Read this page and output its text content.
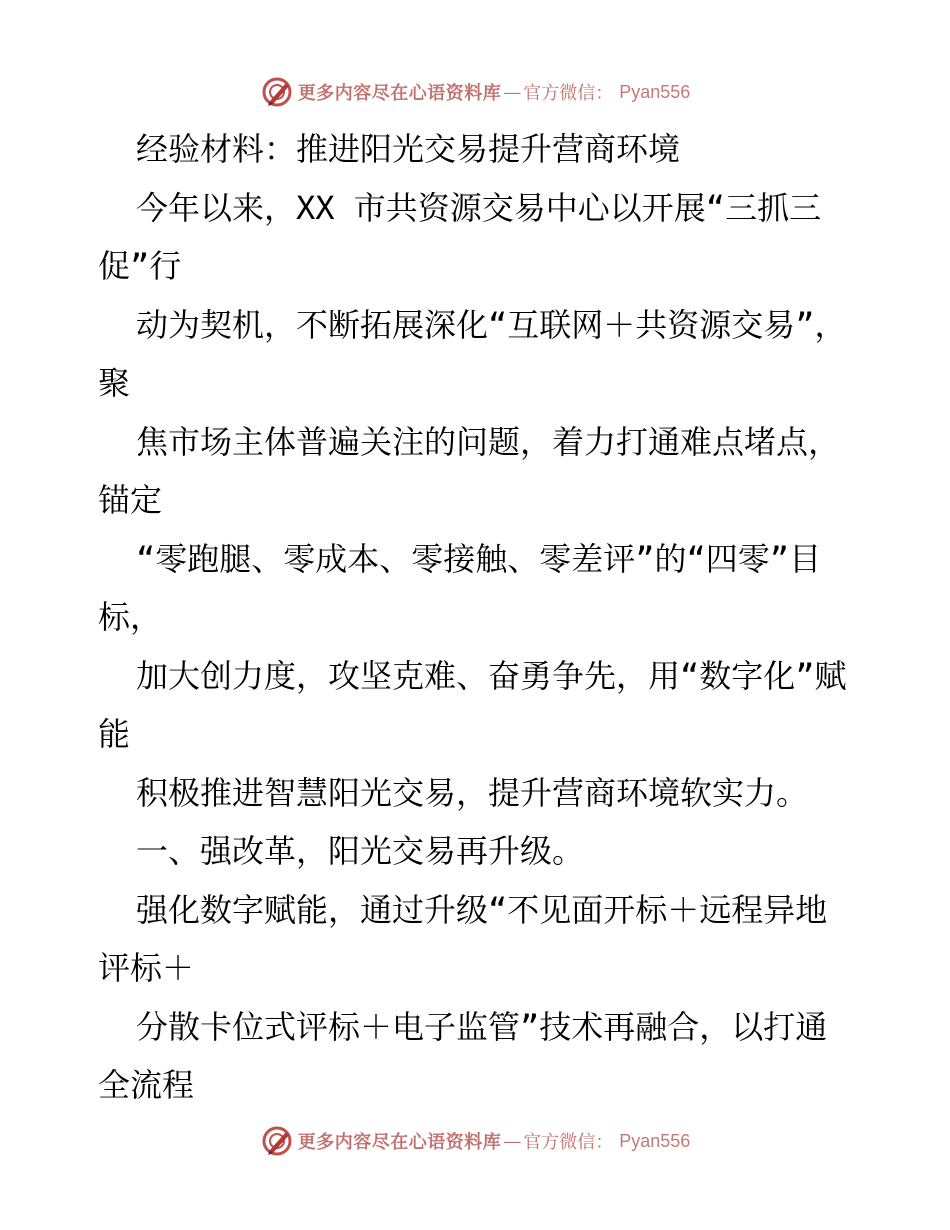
更多内容尽在心语资料库 — 官方微信 ： Pyan556

经验材料：推进阳光交易提升营商环境

今年以来，XX 市共资源交易中心以开展“三抓三促”行

动为契机，不断拓展深化“互联网＋共资源交易”，聚

焦市场主体普遍关注的问题，着力打通难点堵点，锚定

“零跑腿、零成本、零接触、零差评”的“四零”目标，

加大创力度，攻坚克难、奋勇争先，用“数字化”赋能

积极推进智慧阳光交易，提升营商环境软实力。

一、强改革，阳光交易再升级。

强化数字赋能，通过升级“不见面开标＋远程异地评标＋

分散卡位式评标＋电子监管”技术再融合，以打通全流程

更多内容尽在心语资料库 — 官方微信 ： Pyan556
